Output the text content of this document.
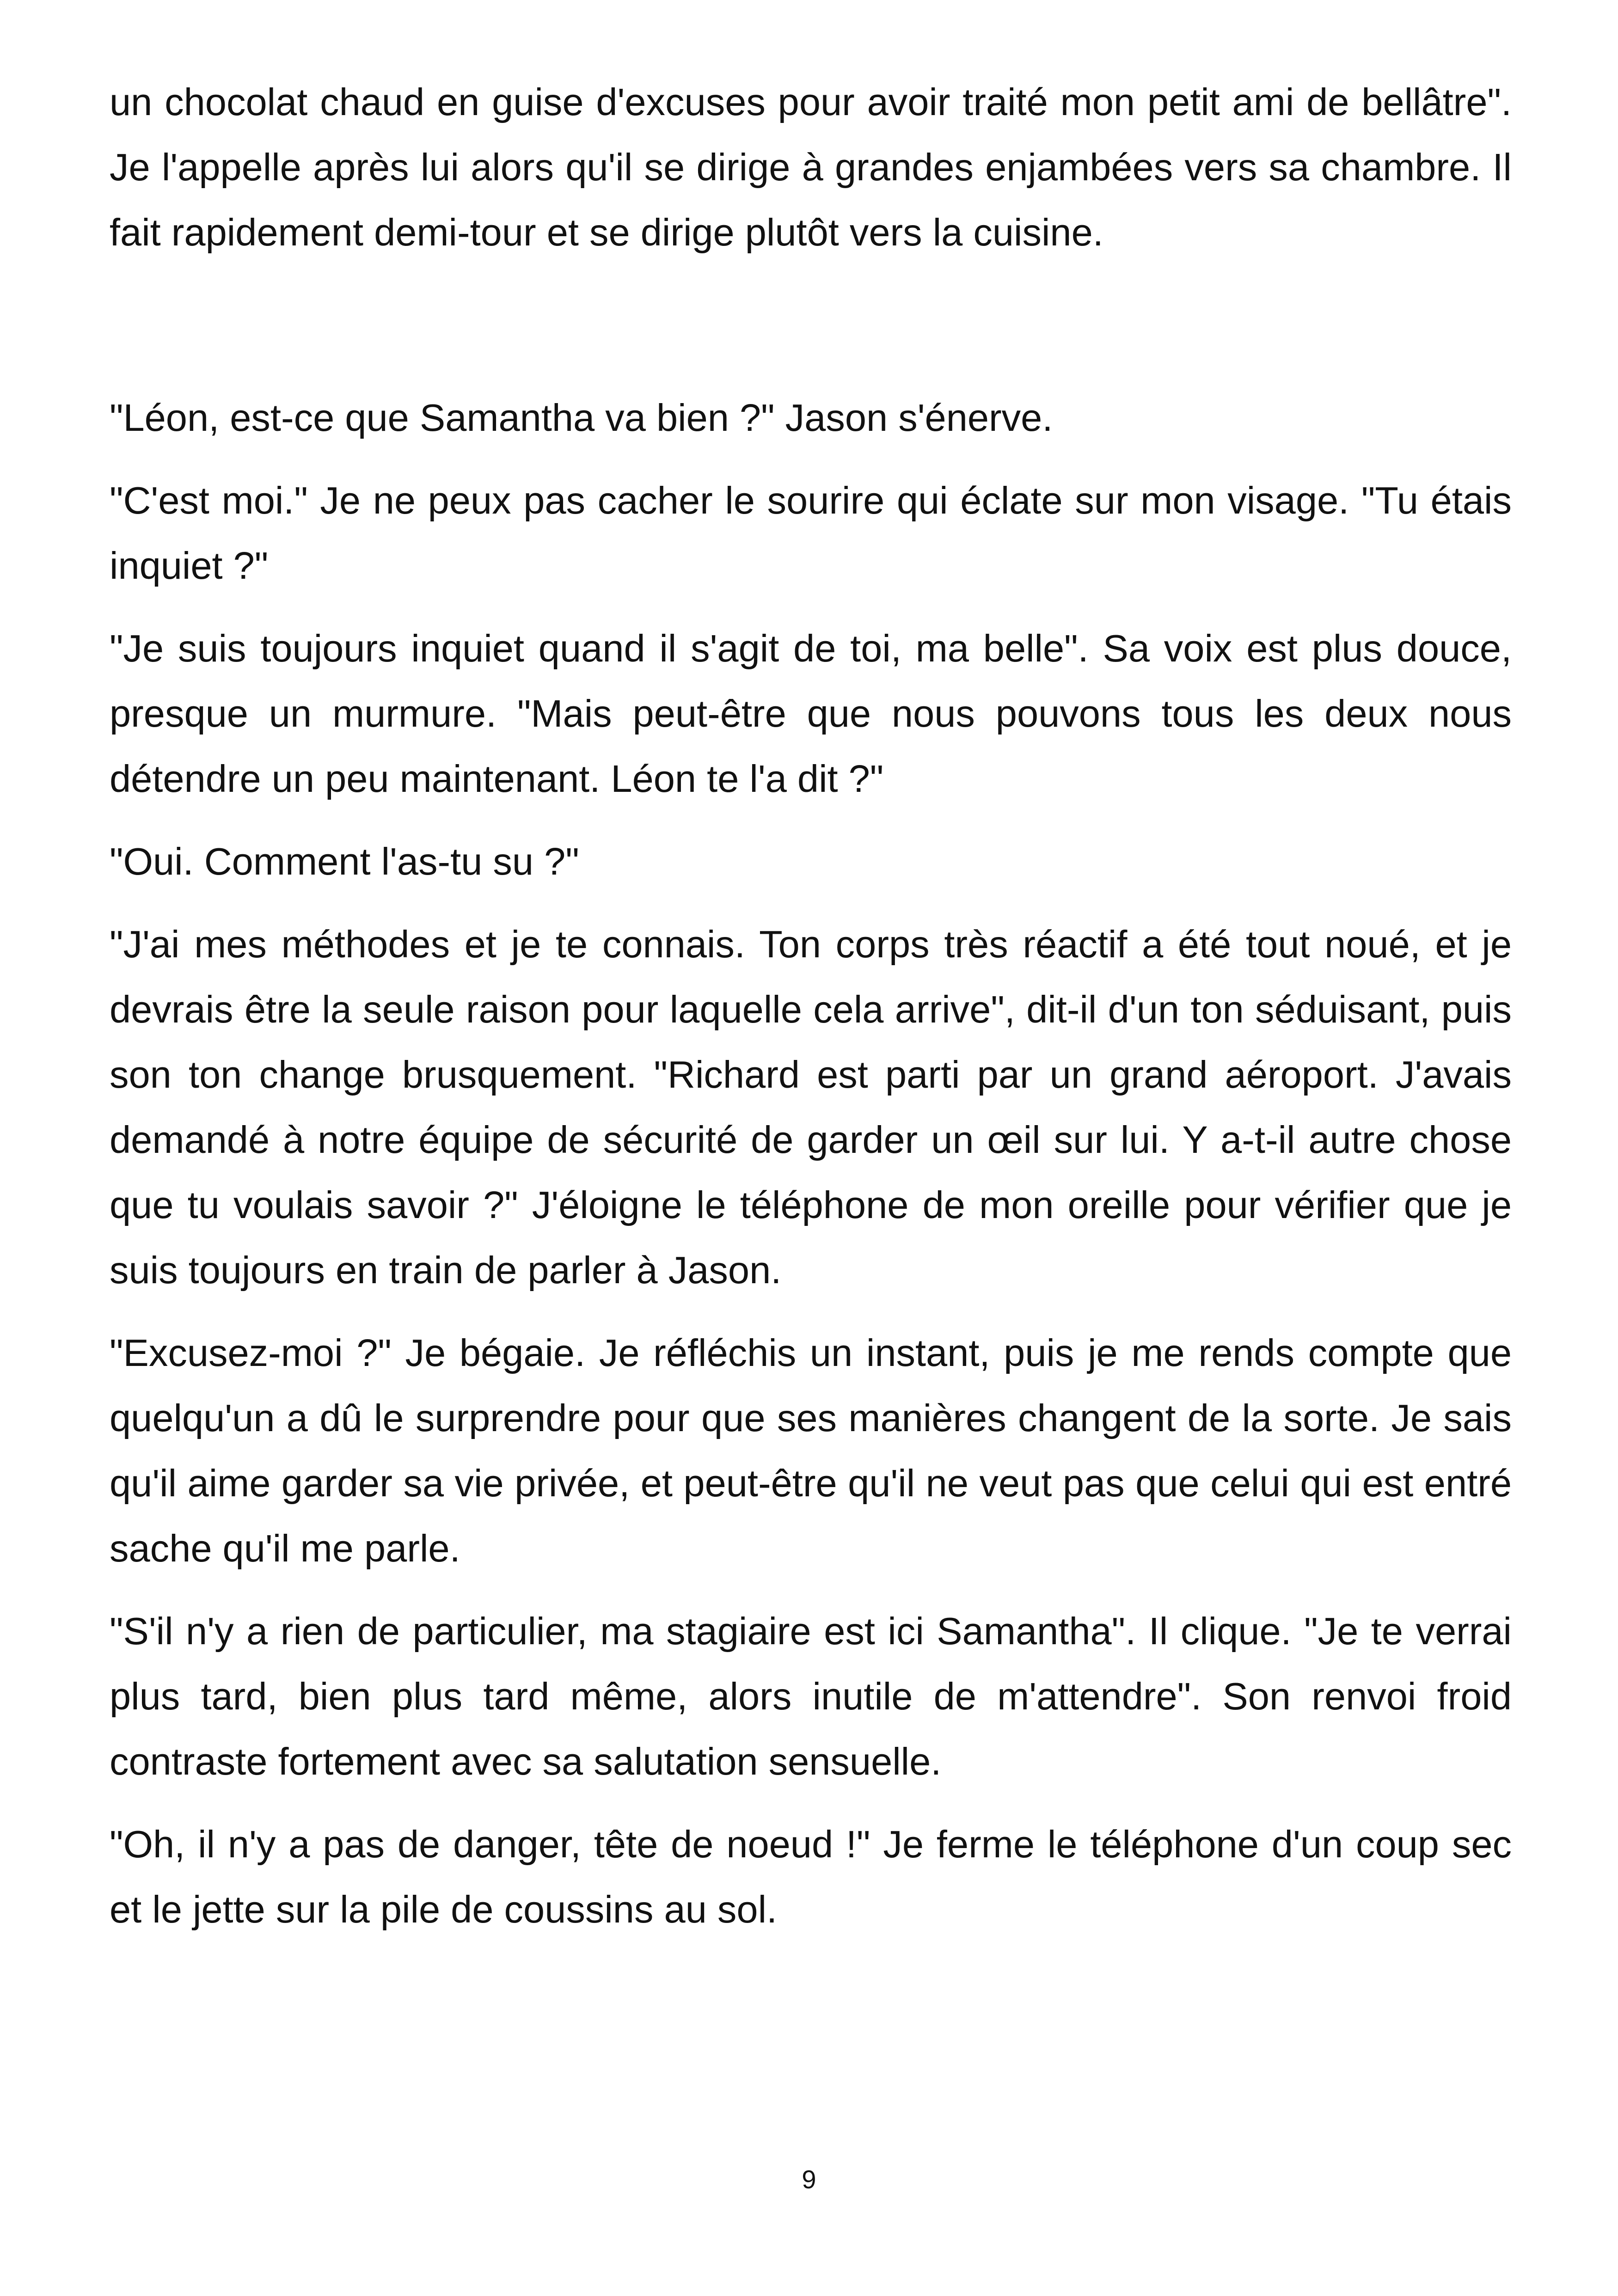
un chocolat chaud en guise d'excuses pour avoir traité mon petit ami de bellâtre". Je l'appelle après lui alors qu'il se dirige à grandes enjambées vers sa chambre. Il fait rapidement demi-tour et se dirige plutôt vers la cuisine.

"Léon, est-ce que Samantha va bien ?" Jason s'énerve.

"C'est moi." Je ne peux pas cacher le sourire qui éclate sur mon visage. "Tu étais inquiet ?"

"Je suis toujours inquiet quand il s'agit de toi, ma belle". Sa voix est plus douce, presque un murmure. "Mais peut-être que nous pouvons tous les deux nous détendre un peu maintenant. Léon te l'a dit ?"

"Oui. Comment l'as-tu su ?"

"J'ai mes méthodes et je te connais. Ton corps très réactif a été tout noué, et je devrais être la seule raison pour laquelle cela arrive", dit-il d'un ton séduisant, puis son ton change brusquement. "Richard est parti par un grand aéroport. J'avais demandé à notre équipe de sécurité de garder un œil sur lui. Y a-t-il autre chose que tu voulais savoir ?" J'éloigne le téléphone de mon oreille pour vérifier que je suis toujours en train de parler à Jason.

"Excusez-moi ?" Je bégaie. Je réfléchis un instant, puis je me rends compte que quelqu'un a dû le surprendre pour que ses manières changent de la sorte. Je sais qu'il aime garder sa vie privée, et peut-être qu'il ne veut pas que celui qui est entré sache qu'il me parle.

"S'il n'y a rien de particulier, ma stagiaire est ici Samantha". Il clique. "Je te verrai plus tard, bien plus tard même, alors inutile de m'attendre". Son renvoi froid contraste fortement avec sa salutation sensuelle.

"Oh, il n'y a pas de danger, tête de noeud !" Je ferme le téléphone d'un coup sec et le jette sur la pile de coussins au sol.

9
